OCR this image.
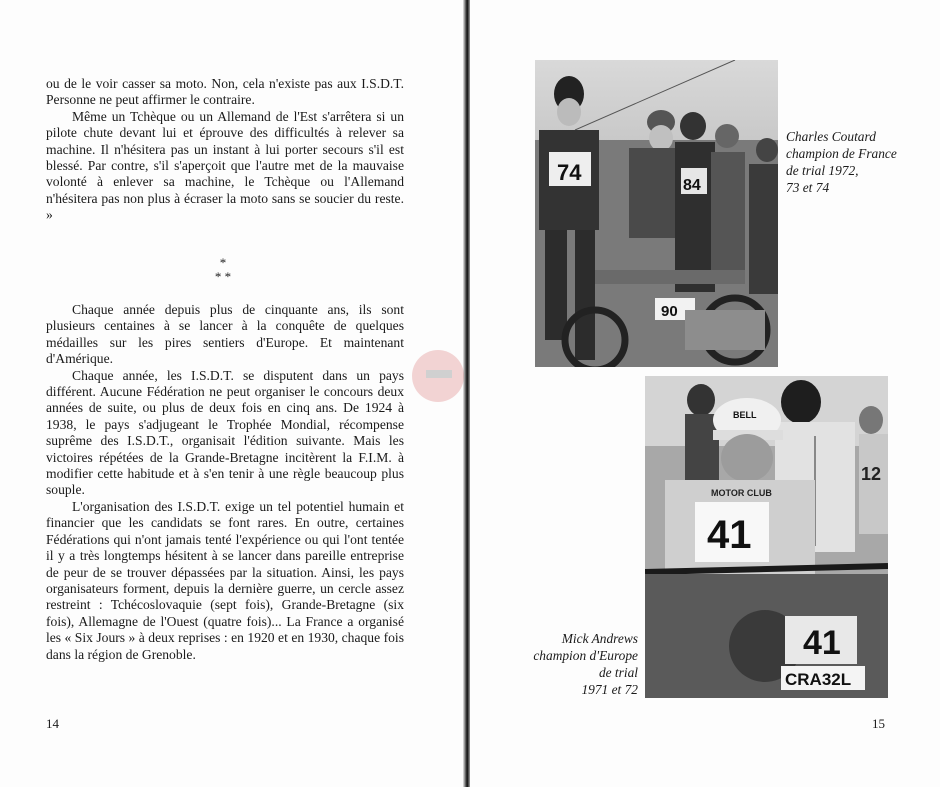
ou de le voir casser sa moto. Non, cela n'existe pas aux I.S.D.T. Personne ne peut affirmer le contraire.

Même un Tchèque ou un Allemand de l'Est s'arrêtera si un pilote chute devant lui et éprouve des difficultés à relever sa machine. Il n'hésitera pas un instant à lui porter secours s'il est blessé. Par contre, s'il s'aperçoit que l'autre met de la mauvaise volonté à enlever sa machine, le Tchèque ou l'Allemand n'hésitera pas non plus à écraser la moto sans se soucier du reste. »

*
* *

Chaque année depuis plus de cinquante ans, ils sont plusieurs centaines à se lancer à la conquête de quelques médailles sur les pires sentiers d'Europe. Et maintenant d'Amérique.

Chaque année, les I.S.D.T. se disputent dans un pays différent. Aucune Fédération ne peut organiser le concours deux années de suite, ou plus de deux fois en cinq ans. De 1924 à 1938, le pays s'adjugeant le Trophée Mondial, récompense suprême des I.S.D.T., organisait l'édition suivante. Mais les victoires répétées de la Grande-Bretagne incitèrent la F.I.M. à modifier cette habitude et à s'en tenir à une règle beaucoup plus souple.

L'organisation des I.S.D.T. exige un tel potentiel humain et financier que les candidats se font rares. En outre, certaines Fédérations qui n'ont jamais tenté l'expérience ou qui l'ont tentée il y a très longtemps hésitent à se lancer dans pareille entreprise de peur de se trouver dépassées par la situation. Ainsi, les pays organisateurs forment, depuis la dernière guerre, un cercle assez restreint : Tchécoslovaquie (sept fois), Grande-Bretagne (six fois), Allemagne de l'Ouest (quatre fois)... La France a organisé les « Six Jours » à deux reprises : en 1920 et en 1930, chaque fois dans la région de Grenoble.

14
74
84
90
Charles Coutard
champion de France
de trial 1972,
73 et 74
12
BELL
MOTOR CLUB
41
41
CRA32L
Mick Andrews
champion d'Europe
de trial
1971 et 72
15
